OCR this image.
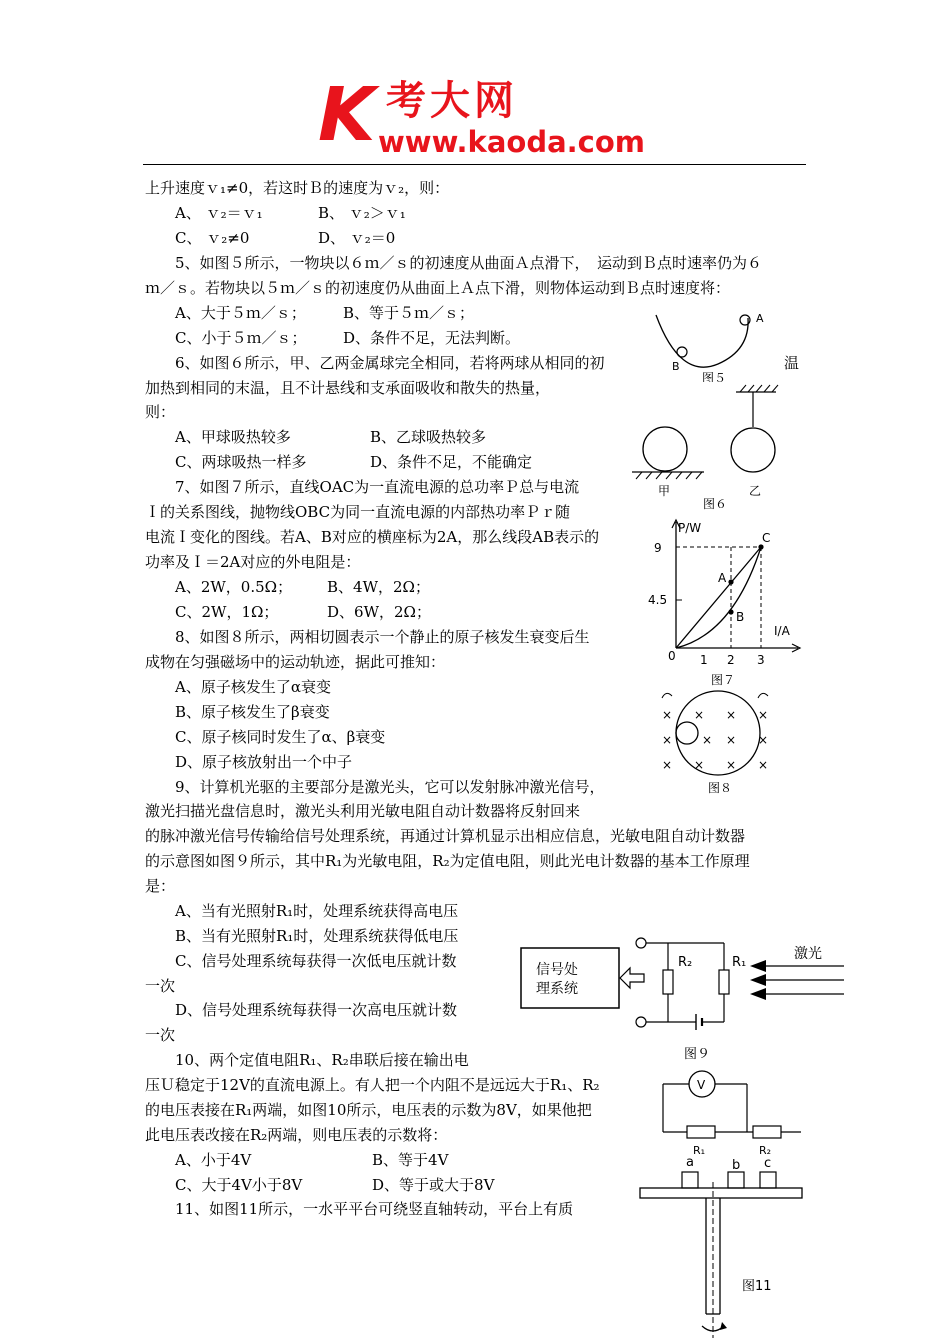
K 考大网
www.kaoda.com
上升速度ｖ₁≠0，若这时Ｂ的速度为ｖ₂，则：
A、 ｖ₂＝ｖ₁	B、 ｖ₂＞ｖ₁
C、 ｖ₂≠0	D、 ｖ₂＝0
5、如图５所示，一物块以６ｍ／ｓ的初速度从曲面Ａ点滑下，　运动到Ｂ点时速率仍为６
ｍ／ｓ。若物块以５ｍ／ｓ的初速度仍从曲面上Ａ点下滑，则物体运动到Ｂ点时速度将：
A、大于５ｍ／ｓ； B、等于５ｍ／ｓ；
C、小于５ｍ／ｓ； D、条件不足，无法判断。
6、如图６所示，甲、乙两金属球完全相同，若将两球从相同的初	温
加热到相同的末温，且不计悬线和支承面吸收和散失的热量，
则：
A、甲球吸热较多	B、乙球吸热较多
C、两球吸热一样多	D、条件不足，不能确定
7、如图７所示，直线OAC为一直流电源的总功率Ｐ总与电流
Ｉ的关系图线，抛物线OBC为同一直流电源的内部热功率Ｐｒ随
电流Ｉ变化的图线。若A、B对应的横座标为2A，那么线段AB表示的
功率及Ｉ＝2A对应的外电阻是：
A、2W，0.5Ω； B、4W，2Ω；
C、2W，1Ω；	D、6W，2Ω；
8、如图８所示，两相切圆表示一个静止的原子核发生衰变后生
成物在匀强磁场中的运动轨迹，据此可推知：
A、原子核发生了α衰变
B、原子核发生了β衰变
C、原子核同时发生了α、β衰变
D、原子核放射出一个中子
9、计算机光驱的主要部分是激光头，它可以发射脉冲激光信号，
激光扫描光盘信息时，激光头利用光敏电阻自动计数器将反射回来
的脉冲激光信号传输给信号处理系统，再通过计算机显示出相应信息，光敏电阻自动计数器
的示意图如图９所示，其中R₁为光敏电阻，R₂为定值电阻，则此光电计数器的基本工作原理
是：
A、当有光照射R₁时，处理系统获得高电压
B、当有光照射R₁时，处理系统获得低电压
C、信号处理系统每获得一次低电压就计数
一次
D、信号处理系统每获得一次高电压就计数
一次
10、两个定值电阻R₁、R₂串联后接在输出电
压Ｕ稳定于12V的直流电源上。有人把一个内阻不是远远大于R₁、R₂
的电压表接在R₁两端，如图10所示，电压表的示数为8V，如果他把
此电压表改接在R₂两端，则电压表的示数将：
A、小于4V	B、等于4V
C、大于4V小于8V	D、等于或大于8V
11、如图11所示，一水平平台可绕竖直轴转动，平台上有质
A
B
图５
甲
图６
乙
P/W
I/A
9
4.5
0 1 2 3
A
B
C
图７
× × × ×
× × × ×
× × × ×
图８
信号处
理系统
R₂	R₁
激光
图９
V
R₁	R₂
a	b c
图11
